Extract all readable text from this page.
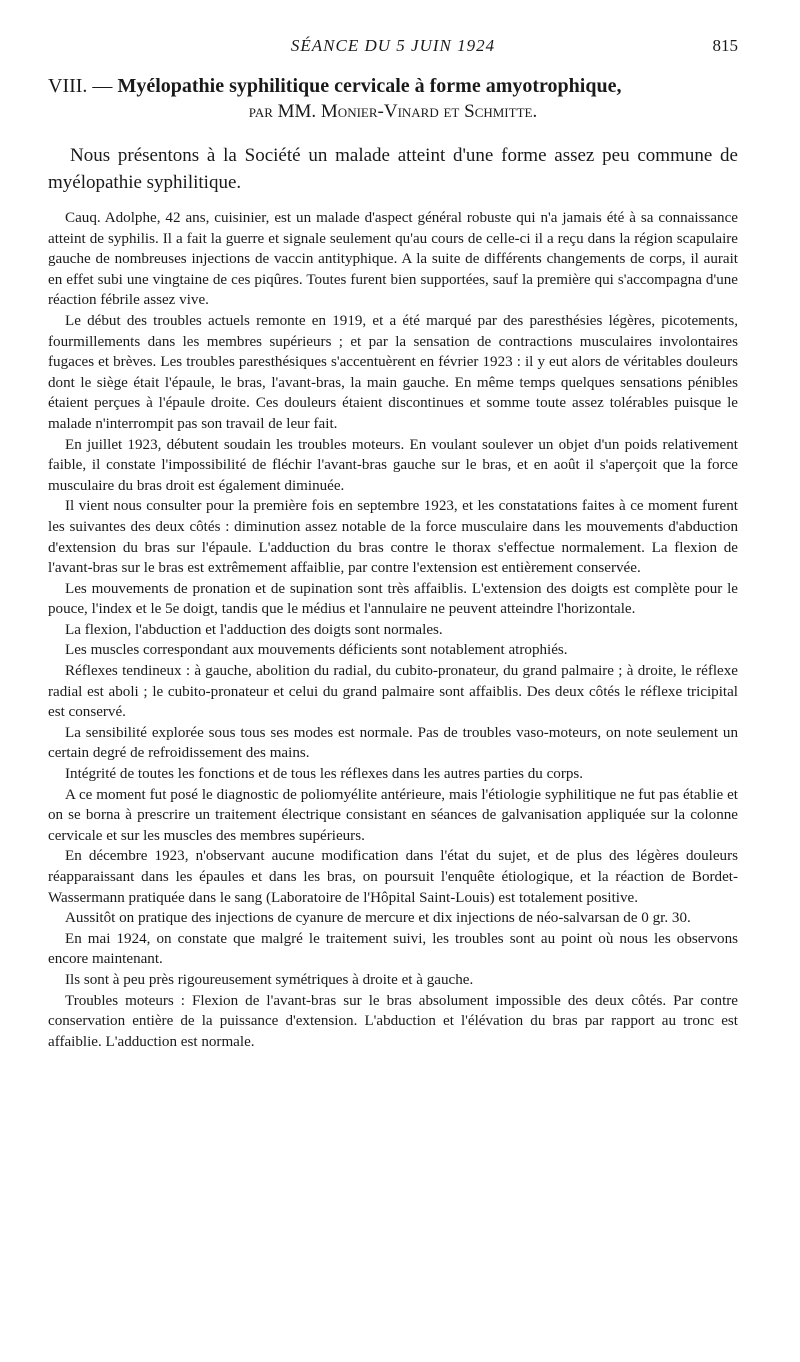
SÉANCE DU 5 JUIN 1924	815
VIII. — Myélopathie syphilitique cervicale à forme amyotrophique,
par MM. Monier-Vinard et Schmitte.

Nous présentons à la Société un malade atteint d'une forme assez peu commune de myélopathie syphilitique.

Cauq. Adolphe, 42 ans, cuisinier, est un malade d'aspect général robuste qui n'a jamais été à sa connaissance atteint de syphilis. Il a fait la guerre et signale seulement qu'au cours de celle-ci il a reçu dans la région scapulaire gauche de nombreuses injections de vaccin antityphique. A la suite de différents changements de corps, il aurait en effet subi une vingtaine de ces piqûres. Toutes furent bien supportées, sauf la première qui s'accompagna d'une réaction fébrile assez vive.

Le début des troubles actuels remonte en 1919, et a été marqué par des paresthésies légères, picotements, fourmillements dans les membres supérieurs ; et par la sensation de contractions musculaires involontaires fugaces et brèves. Les troubles paresthésiques s'accentuèrent en février 1923 : il y eut alors de véritables douleurs dont le siège était l'épaule, le bras, l'avant-bras, la main gauche. En même temps quelques sensations pénibles étaient perçues à l'épaule droite. Ces douleurs étaient discontinues et somme toute assez tolérables puisque le malade n'interrompit pas son travail de leur fait.

En juillet 1923, débutent soudain les troubles moteurs. En voulant soulever un objet d'un poids relativement faible, il constate l'impossibilité de fléchir l'avant-bras gauche sur le bras, et en août il s'aperçoit que la force musculaire du bras droit est également diminuée.

Il vient nous consulter pour la première fois en septembre 1923, et les constatations faites à ce moment furent les suivantes des deux côtés : diminution assez notable de la force musculaire dans les mouvements d'abduction d'extension du bras sur l'épaule. L'adduction du bras contre le thorax s'effectue normalement. La flexion de l'avant-bras sur le bras est extrêmement affaiblie, par contre l'extension est entièrement conservée.

Les mouvements de pronation et de supination sont très affaiblis. L'extension des doigts est complète pour le pouce, l'index et le 5e doigt, tandis que le médius et l'annulaire ne peuvent atteindre l'horizontale.

La flexion, l'abduction et l'adduction des doigts sont normales.

Les muscles correspondant aux mouvements déficients sont notablement atrophiés.

Réflexes tendineux : à gauche, abolition du radial, du cubito-pronateur, du grand palmaire ; à droite, le réflexe radial est aboli ; le cubito-pronateur et celui du grand palmaire sont affaiblis. Des deux côtés le réflexe tricipital est conservé.

La sensibilité explorée sous tous ses modes est normale. Pas de troubles vaso-moteurs, on note seulement un certain degré de refroidissement des mains.

Intégrité de toutes les fonctions et de tous les réflexes dans les autres parties du corps.

A ce moment fut posé le diagnostic de poliomyélite antérieure, mais l'étiologie syphilitique ne fut pas établie et on se borna à prescrire un traitement électrique consistant en séances de galvanisation appliquée sur la colonne cervicale et sur les muscles des membres supérieurs.

En décembre 1923, n'observant aucune modification dans l'état du sujet, et de plus des légères douleurs réapparaissant dans les épaules et dans les bras, on poursuit l'enquête étiologique, et la réaction de Bordet-Wassermann pratiquée dans le sang (Laboratoire de l'Hôpital Saint-Louis) est totalement positive.

Aussitôt on pratique des injections de cyanure de mercure et dix injections de néo-salvarsan de 0 gr. 30.

En mai 1924, on constate que malgré le traitement suivi, les troubles sont au point où nous les observons encore maintenant.

Ils sont à peu près rigoureusement symétriques à droite et à gauche.

Troubles moteurs : Flexion de l'avant-bras sur le bras absolument impossible des deux côtés. Par contre conservation entière de la puissance d'extension. L'abduction et l'élévation du bras par rapport au tronc est affaiblie. L'adduction est normale.
